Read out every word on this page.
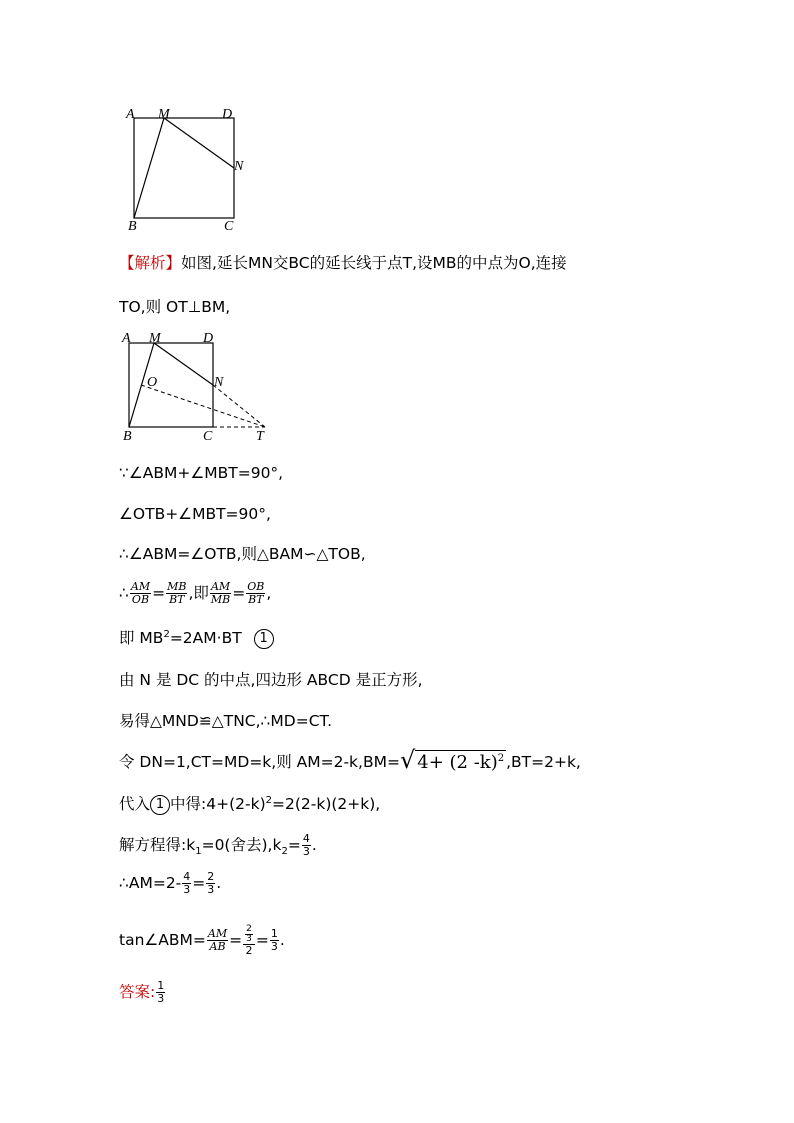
A M	D
N
B	C
【解析】如图,延长MN交BC的延长线于点T,设MB的中点为O,连接
TO,则 OT⊥BM,
A M	D
O	N
B	C	T
∵∠ABM+∠MBT=90°,
∠OTB+∠MBT=90°,
∴∠ABM=∠OTB,则△BAM∽△TOB,
∴ $\frac{AM}{OB} = \frac{MB}{BT}$ ,即 $\frac{AM}{MB} = \frac{OB}{BT}$ ,
即 $MB^2=2AM\cdot BT$ 1
由 N 是 DC 的中点,四边形 ABCD 是正方形,
易得△MND≌△TNC,∴MD=CT.
令 DN=1,CT=MD=k,则 AM=2-k,BM=√ 4+ (2 -k)$^2$ ,BT=2+k,
代入 1 中得$:4+(2-k)^2=2(2-k)(2+k)$,
解方程得$:k_1=0$(舍去)$,k_2= \frac{4}{3}$ .
∴AM=2- $\frac{4}{3} = \frac{2}{3}$ .
tan∠ABM= $\frac{AM}{AB} = \frac{\frac{2}{3}}{2} = \frac{1}{3}$ .
答案: $\frac{1}{3}$
